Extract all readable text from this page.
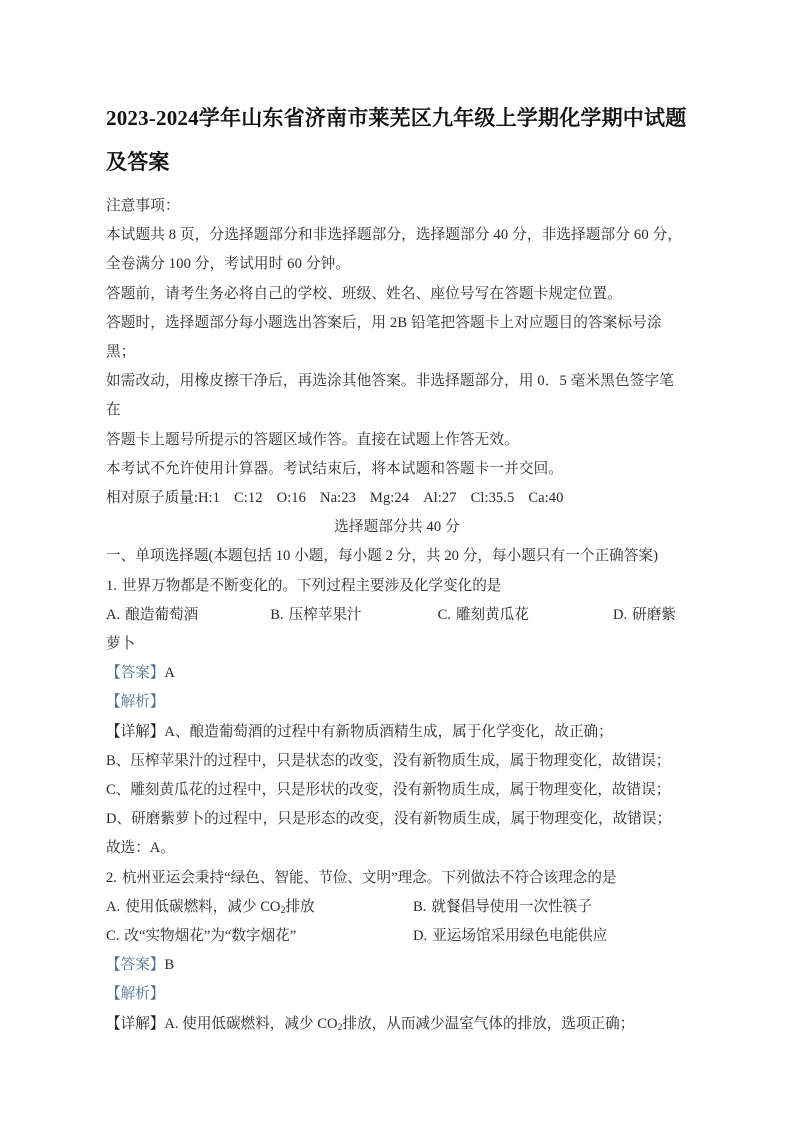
2023-2024学年山东省济南市莱芜区九年级上学期化学期中试题及答案

注意事项：

本试题共 8 页，分选择题部分和非选择题部分，选择题部分 40 分，非选择题部分 60 分，

全卷满分 100 分，考试用时 60 分钟。

答题前，请考生务必将自己的学校、班级、姓名、座位号写在答题卡规定位置。

答题时，选择题部分每小题选出答案后，用 2B 铅笔把答题卡上对应题目的答案标号涂黑；

如需改动，用橡皮擦干净后，再选涂其他答案。非选择题部分，用 0．5 毫米黑色签字笔在

答题卡上题号所提示的答题区域作答。直接在试题上作答无效。

本考试不允许使用计算器。考试结束后，将本试题和答题卡一并交回。

相对原子质量:H:1 C:12 O:16 Na:23 Mg:24 Al:27 Cl:35.5 Ca:40

选择题部分共 40 分

一、单项选择题(本题包括 10 小题，每小题 2 分，共 20 分，每小题只有一个正确答案)

1. 世界万物都是不断变化的。下列过程主要涉及化学变化的是

A. 酿造葡萄酒	B. 压榨苹果汁	C. 雕刻黄瓜花	D. 研磨紫萝卜

【答案】A

【解析】

【详解】A、酿造葡萄酒的过程中有新物质酒精生成，属于化学变化，故正确；

B、压榨苹果汁的过程中，只是状态的改变，没有新物质生成，属于物理变化，故错误；

C、雕刻黄瓜花的过程中，只是形状的改变，没有新物质生成，属于物理变化，故错误；

D、研磨紫萝卜的过程中，只是形态的改变，没有新物质生成，属于物理变化，故错误；

故选：A。

2. 杭州亚运会秉持“绿色、智能、节俭、文明”理念。下列做法不符合该理念的是

A. 使用低碳燃料，减少 $CO_2$排放	B. 就餐倡导使用一次性筷子
C. 改“实物烟花”为“数字烟花”	D. 亚运场馆采用绿色电能供应

【答案】B

【解析】

【详解】A. 使用低碳燃料，减少 $CO_2$排放，从而减少温室气体的排放，选项正确；
